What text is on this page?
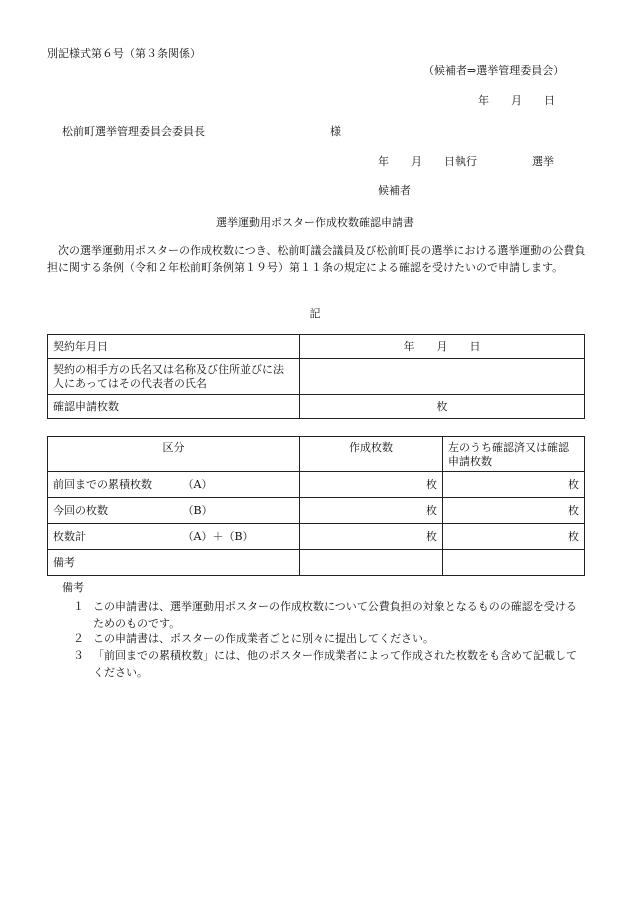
別記様式第６号（第３条関係）
（候補者⇒選挙管理委員会）
年　　月　　日
松前町選挙管理委員会委員長	様
年　　月　　日執行　　　　　選挙
候補者
選挙運動用ポスター作成枚数確認申請書
次の選挙運動用ポスターの作成枚数につき、松前町議会議員及び松前町長の選挙における選挙運動の公費負担に関する条例（令和２年松前町条例第１９号）第１１条の規定による確認を受けたいので申請します。
記
契約年月日	年　　月　　日
契約の相手方の氏名又は名称及び住所並びに法人にあってはその代表者の氏名	
確認申請枚数	枚
区分	作成枚数	左のうち確認済又は確認申請枚数
前回までの累積枚数 （A）	枚	枚
今回の枚数 （B）	枚	枚
枚数計 （A）＋（B）	枚	枚
備考		
備考
１ この申請書は、選挙運動用ポスターの作成枚数について公費負担の対象となるものの確認を受けるためのものです。
２ この申請書は、ポスターの作成業者ごとに別々に提出してください。
３ 「前回までの累積枚数」には、他のポスター作成業者によって作成された枚数をも含めて記載してください。
